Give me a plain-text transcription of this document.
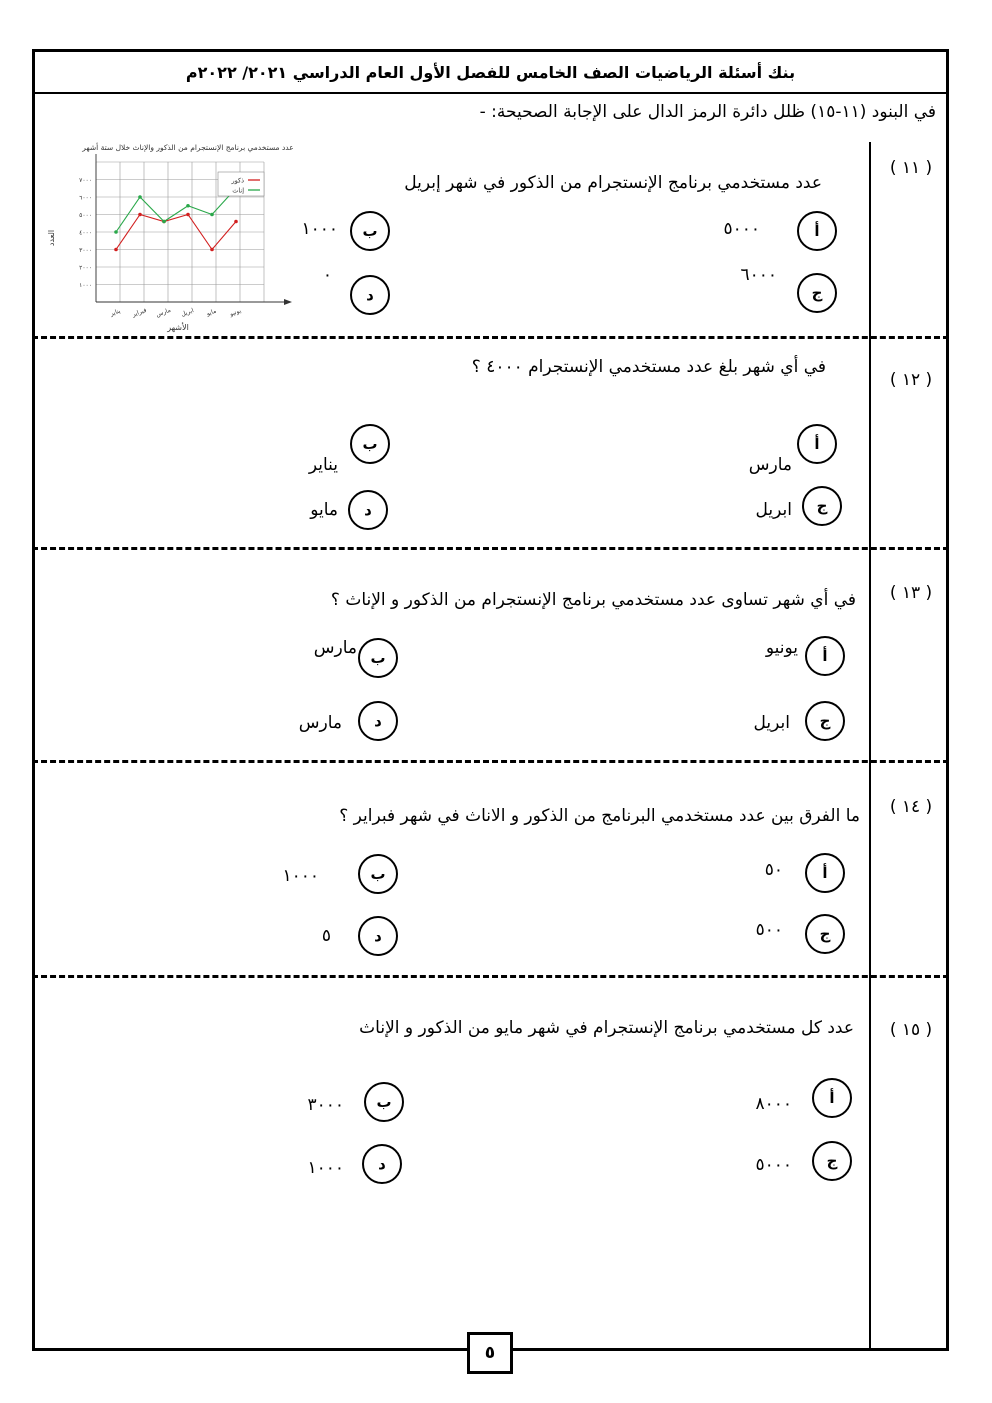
بنك أسئلة الرياضيات الصف الخامس للفصل الأول العام الدراسي ٢٠٢١/ ٢٠٢٢م
في البنود (١١-١٥) ظلل دائرة الرمز الدال على الإجابة الصحيحة: -
عدد مستخدمي برنامج الإنستجرام من الذكور والإناث خلال ستة أشهر
١٠٠٠
٢٠٠٠
٣٠٠٠
٤٠٠٠
٥٠٠٠
٦٠٠٠
٧٠٠٠
يناير فبراير مارس ابريل مايو يونيو
ذكور
إناث
الأشهر
العدد
( ١١ )
عدد مستخدمي برنامج الإنستجرام من الذكور في شهر إبريل
أ
٥٠٠٠
ب
١٠٠٠
ج
٦٠٠٠
د
٠
( ١٢ )
في أي شهر بلغ عدد مستخدمي الإنستجرام ٤٠٠٠ ؟
أ
مارس
ب
يناير
ج
ابريل
د
مايو
( ١٣ )
في أي شهر تساوى عدد مستخدمي برنامج الإنستجرام من الذكور و الإناث ؟
أ
يونيو
ب
مارس
ج
ابريل
د
مارس
( ١٤ )
ما الفرق بين عدد مستخدمي البرنامج من الذكور و الاناث في شهر فبراير ؟
أ
٥٠
ب
١٠٠٠
ج
٥٠٠
د
٥
( ١٥ )
عدد كل مستخدمي برنامج الإنستجرام في شهر مايو من الذكور و الإناث
أ
٨٠٠٠
ب
٣٠٠٠
ج
٥٠٠٠
د
١٠٠٠
٥
